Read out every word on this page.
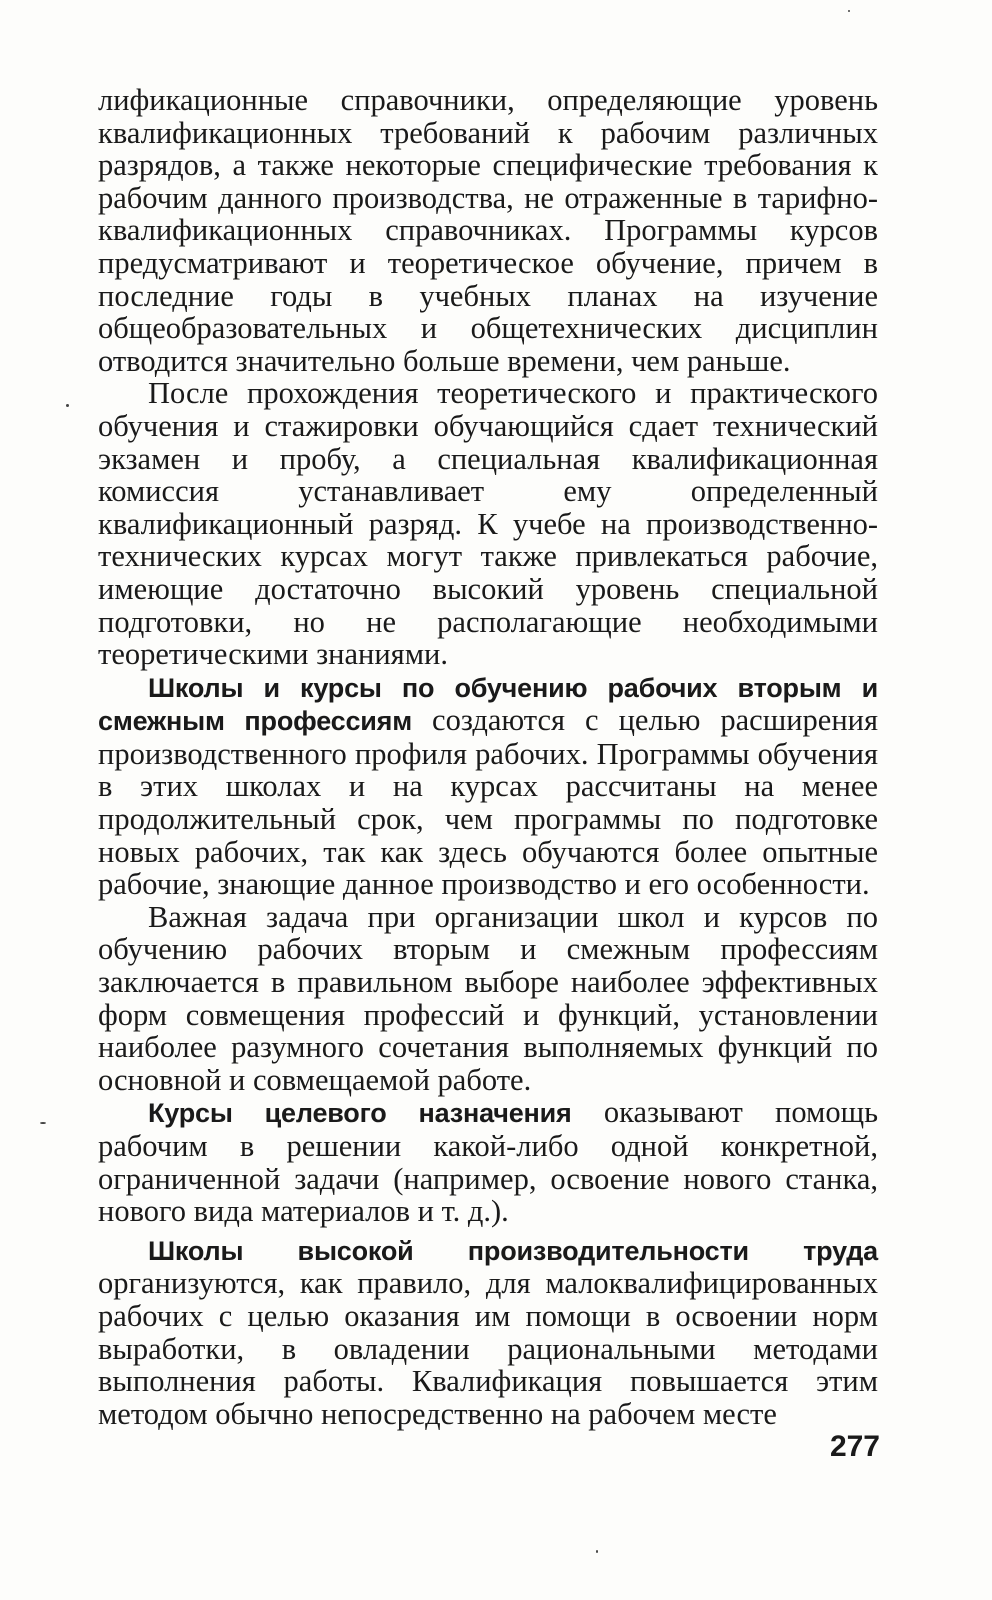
лификационные справочники, определяющие уровень квалификационных требований к рабочим различных разрядов, а также некоторые специфические требования к рабочим данного производства, не отраженные в тарифно-квалификационных справочниках. Программы курсов предусматривают и теоретическое обучение, причем в последние годы в учебных планах на изучение общеобразовательных и общетехнических дисциплин отводится значительно больше времени, чем раньше.

После прохождения теоретического и практического обучения и стажировки обучающийся сдает технический экзамен и пробу, а специальная квалификационная комиссия устанавливает ему определенный квалификационный разряд. К учебе на производственно-технических курсах могут также привлекаться рабочие, имеющие достаточно высокий уровень специальной подготовки, но не располагающие необходимыми теоретическими знаниями.

Школы и курсы по обучению рабочих вторым и смежным профессиям создаются с целью расширения производственного профиля рабочих. Программы обучения в этих школах и на курсах рассчитаны на менее продолжительный срок, чем программы по подготовке новых рабочих, так как здесь обучаются более опытные рабочие, знающие данное производство и его особенности.

Важная задача при организации школ и курсов по обучению рабочих вторым и смежным профессиям заключается в правильном выборе наиболее эффективных форм совмещения профессий и функций, установлении наиболее разумного сочетания выполняемых функций по основной и совмещаемой работе.

Курсы целевого назначения оказывают помощь рабочим в решении какой-либо одной конкретной, ограниченной задачи (например, освоение нового станка, нового вида материалов и т. д.).

Школы высокой производительности труда организуются, как правило, для малоквалифицированных рабочих с целью оказания им помощи в освоении норм выработки, в овладении рациональными методами выполнения работы. Квалификация повышается этим методом обычно непосредственно на рабочем месте

277
